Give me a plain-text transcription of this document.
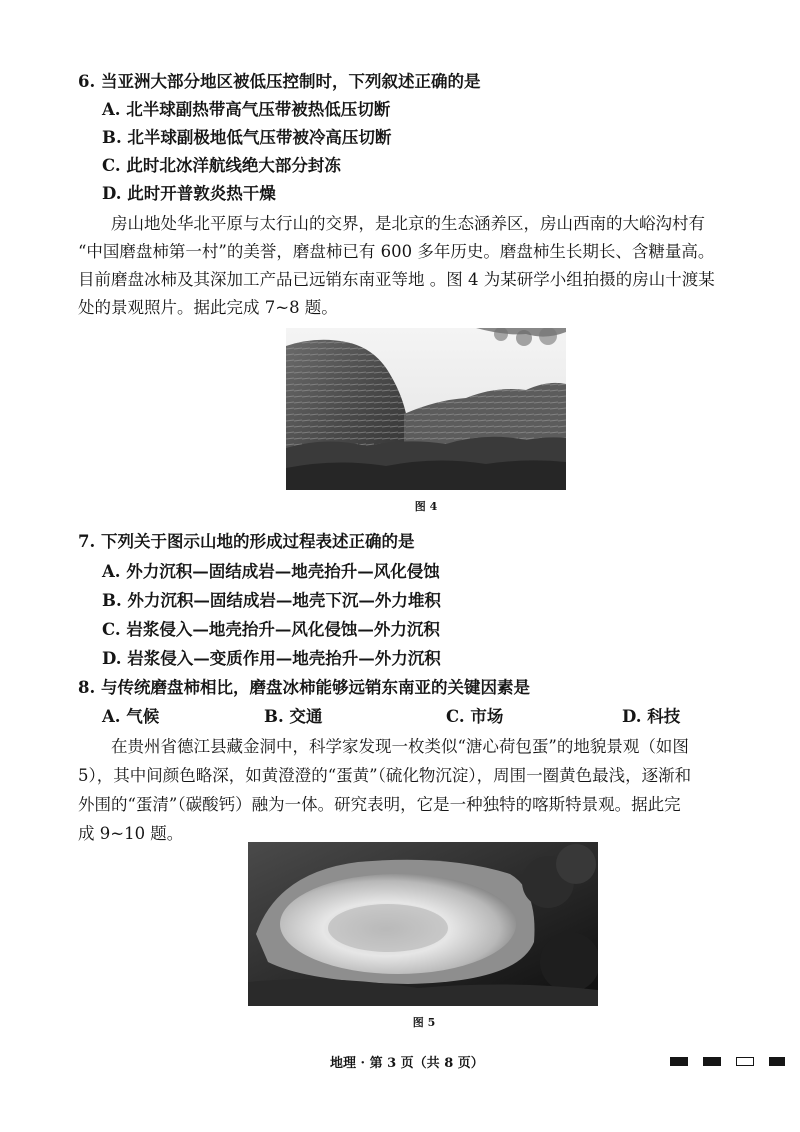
6. 当亚洲大部分地区被低压控制时，下列叙述正确的是
A. 北半球副热带高气压带被热低压切断
B. 北半球副极地低气压带被冷高压切断
C. 此时北冰洋航线绝大部分封冻
D. 此时开普敦炎热干燥
房山地处华北平原与太行山的交界，是北京的生态涵养区，房山西南的大峪沟村有
“中国磨盘柿第一村”的美誉，磨盘柿已有 600 多年历史。磨盘柿生长期长、含糖量高。
目前磨盘冰柿及其深加工产品已远销东南亚等地 。图 4 为某研学小组拍摄的房山十渡某
处的景观照片。据此完成 7~8 题。
图 4
7. 下列关于图示山地的形成过程表述正确的是
A. 外力沉积—固结成岩—地壳抬升—风化侵蚀
B. 外力沉积—固结成岩—地壳下沉—外力堆积
C. 岩浆侵入—地壳抬升—风化侵蚀—外力沉积
D. 岩浆侵入—变质作用—地壳抬升—外力沉积
8. 与传统磨盘柿相比，磨盘冰柿能够远销东南亚的关键因素是
A. 气候	B. 交通	C. 市场	D. 科技
在贵州省德江县藏金洞中，科学家发现一枚类似“溏心荷包蛋”的地貌景观（如图
5），其中间颜色略深，如黄澄澄的“蛋黄”（硫化物沉淀），周围一圈黄色最浅，逐渐和
外围的“蛋清”（碳酸钙）融为一体。研究表明，它是一种独特的喀斯特景观。据此完
成 9~10 题。
图 5
地理 · 第 3 页（共 8 页）
